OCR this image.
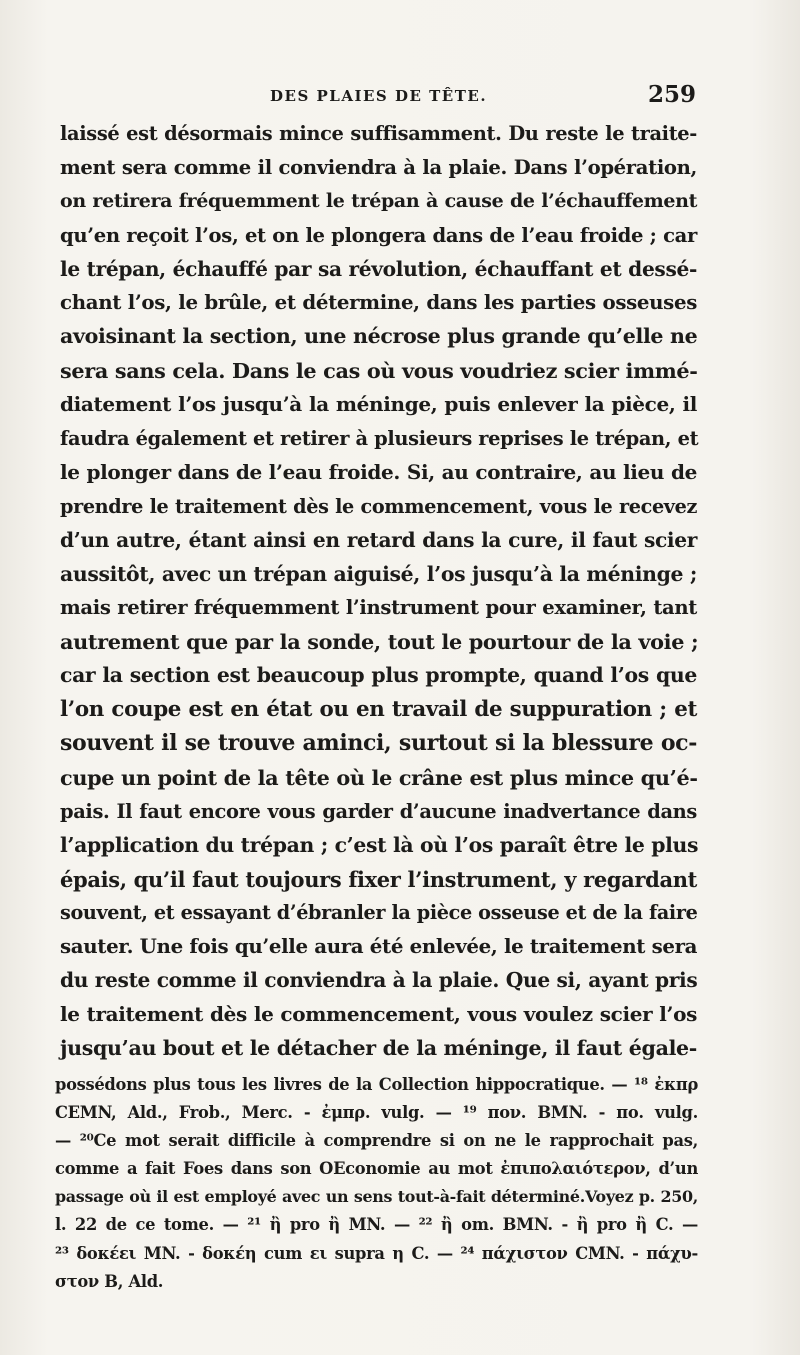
DES PLAIES DE TÊTE.	259
laissé est désormais mince suffisamment. Du reste le traite-
ment sera comme il conviendra à la plaie. Dans l’opération,
on retirera fréquemment le trépan à cause de l’échauffement
qu’en reçoit l’os, et on le plongera dans de l’eau froide ; car
le trépan, échauffé par sa révolution, échauffant et dessé-
chant l’os, le brûle, et détermine, dans les parties osseuses
avoisinant la section, une nécrose plus grande qu’elle ne
sera sans cela. Dans le cas où vous voudriez scier immé-
diatement l’os jusqu’à la méninge, puis enlever la pièce, il
faudra également et retirer à plusieurs reprises le trépan, et
le plonger dans de l’eau froide. Si, au contraire, au lieu de
prendre le traitement dès le commencement, vous le recevez
d’un autre, étant ainsi en retard dans la cure, il faut scier
aussitôt, avec un trépan aiguisé, l’os jusqu’à la méninge ;
mais retirer fréquemment l’instrument pour examiner, tant
autrement que par la sonde, tout le pourtour de la voie ;
car la section est beaucoup plus prompte, quand l’os que
l’on coupe est en état ou en travail de suppuration ; et
souvent il se trouve aminci, surtout si la blessure oc-
cupe un point de la tête où le crâne est plus mince qu’é-
pais. Il faut encore vous garder d’aucune inadvertance dans
l’application du trépan ; c’est là où l’os paraît être le plus
épais, qu’il faut toujours fixer l’instrument, y regardant
souvent, et essayant d’ébranler la pièce osseuse et de la faire
sauter. Une fois qu’elle aura été enlevée, le traitement sera
du reste comme il conviendra à la plaie. Que si, ayant pris
le traitement dès le commencement, vous voulez scier l’os
jusqu’au bout et le détacher de la méninge, il faut égale-
possédons plus tous les livres de la Collection hippocratique. — ¹⁸ ἐκπρ
CEMN, Ald., Frob., Merc. - ἐμπρ. vulg. — ¹⁹ πον. BMN. - πο. vulg.
— ²⁰Ce mot serait difficile à comprendre si on ne le rapprochait pas,
comme a fait Foes dans son OEconomie au mot ἐπιπολαιότερον, d’un
passage où il est employé avec un sens tout-à-fait déterminé.Voyez p. 250,
l. 22 de ce tome. — ²¹ ἢ pro ἢ MN. — ²² ἢ om. BMN. - ἢ pro ἢ C. —
²³ δοκέει MN. - δοκέη cum ει supra η C. — ²⁴ πάχιστον CMN. - πάχυ-
στον B, Ald.
